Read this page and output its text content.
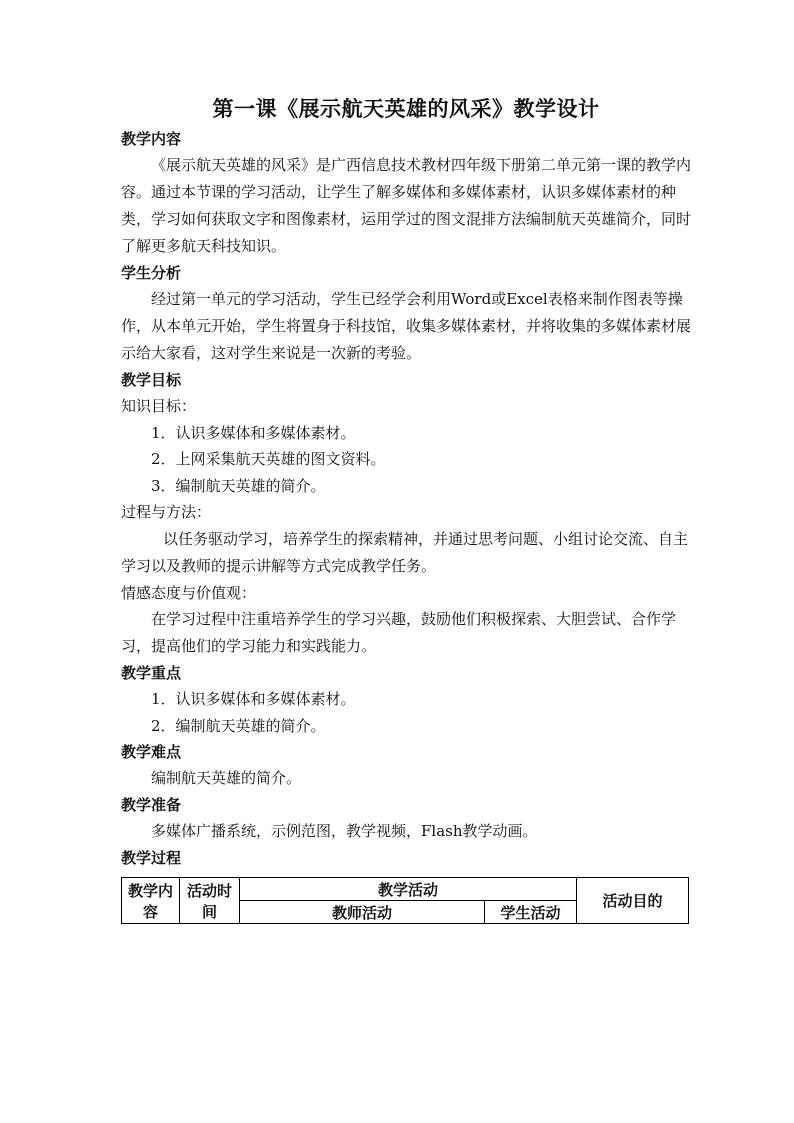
第一课《展示航天英雄的风采》教学设计
教学内容

《展示航天英雄的风采》是广西信息技术教材四年级下册第二单元第一课的教学内容。通过本节课的学习活动，让学生了解多媒体和多媒体素材，认识多媒体素材的种类，学习如何获取文字和图像素材，运用学过的图文混排方法编制航天英雄简介，同时了解更多航天科技知识。

学生分析

经过第一单元的学习活动，学生已经学会利用Word或Excel表格来制作图表等操作，从本单元开始，学生将置身于科技馆，收集多媒体素材，并将收集的多媒体素材展示给大家看，这对学生来说是一次新的考验。

教学目标
知识目标：
1．认识多媒体和多媒体素材。
2．上网采集航天英雄的图文资料。
3．编制航天英雄的简介。
过程与方法：

以任务驱动学习，培养学生的探索精神，并通过思考问题、小组讨论交流、自主学习以及教师的提示讲解等方式完成教学任务。

情感态度与价值观：

在学习过程中注重培养学生的学习兴趣，鼓励他们积极探索、大胆尝试、合作学习，提高他们的学习能力和实践能力。

教学重点
1．认识多媒体和多媒体素材。
2．编制航天英雄的简介。
教学难点

编制航天英雄的简介。

教学准备

多媒体广播系统，示例范图，教学视频，Flash教学动画。

教学过程
教学内容	活动时间	教学活动		活动目的
		教师活动	学生活动	
